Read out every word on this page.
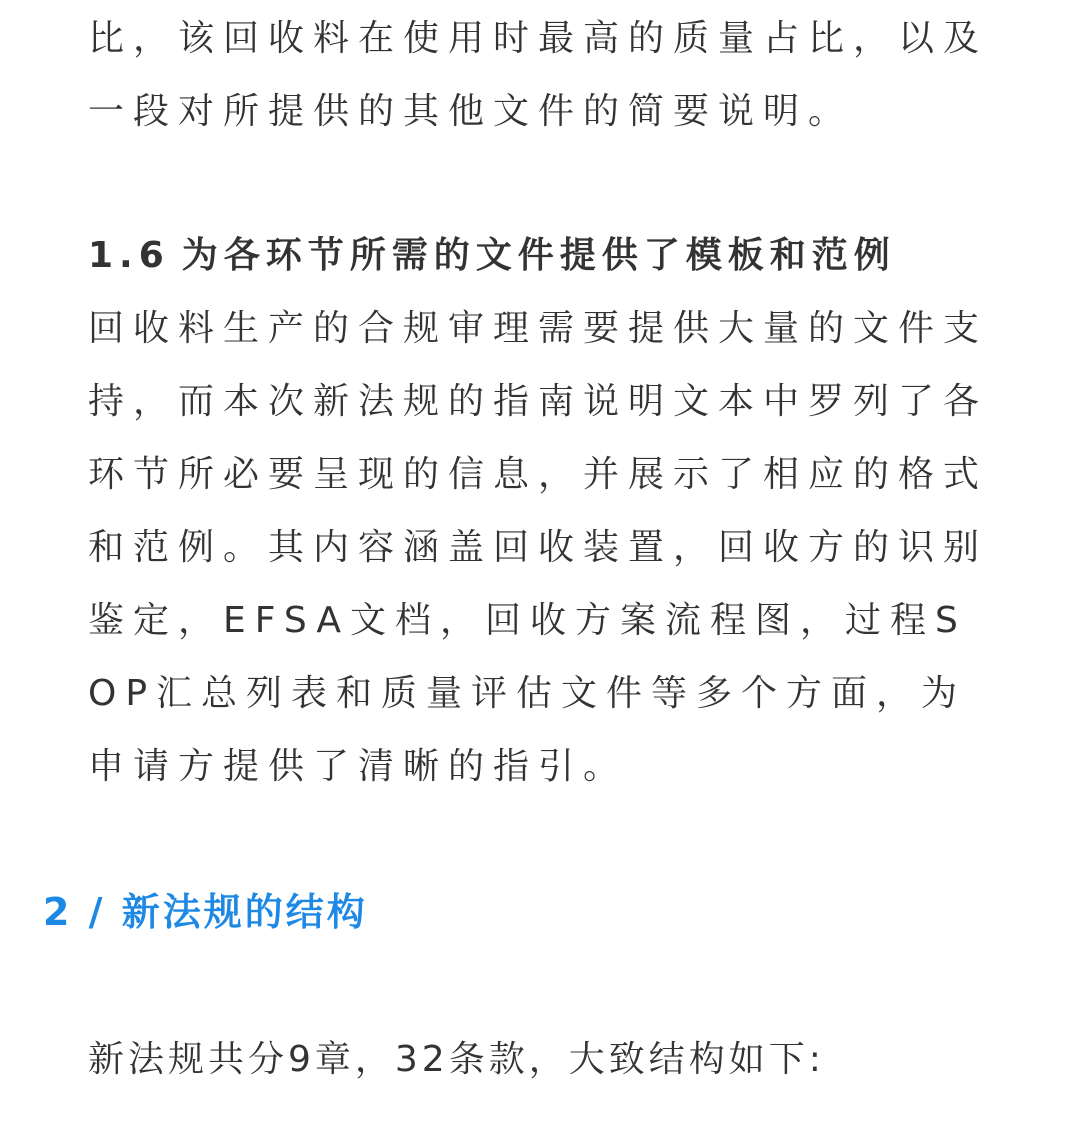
比，该回收料在使用时最高的质量占比，以及一段对所提供的其他文件的简要说明。

1.6 为各环节所需的文件提供了模板和范例

回收料生产的合规审理需要提供大量的文件支持，而本次新法规的指南说明文本中罗列了各环节所必要呈现的信息，并展示了相应的格式和范例。其内容涵盖回收装置，回收方的识别鉴定，EFSA文档，回收方案流程图，过程SOP汇总列表和质量评估文件等多个方面，为申请方提供了清晰的指引。

2 / 新法规的结构

新法规共分9章，32条款，大致结构如下:
